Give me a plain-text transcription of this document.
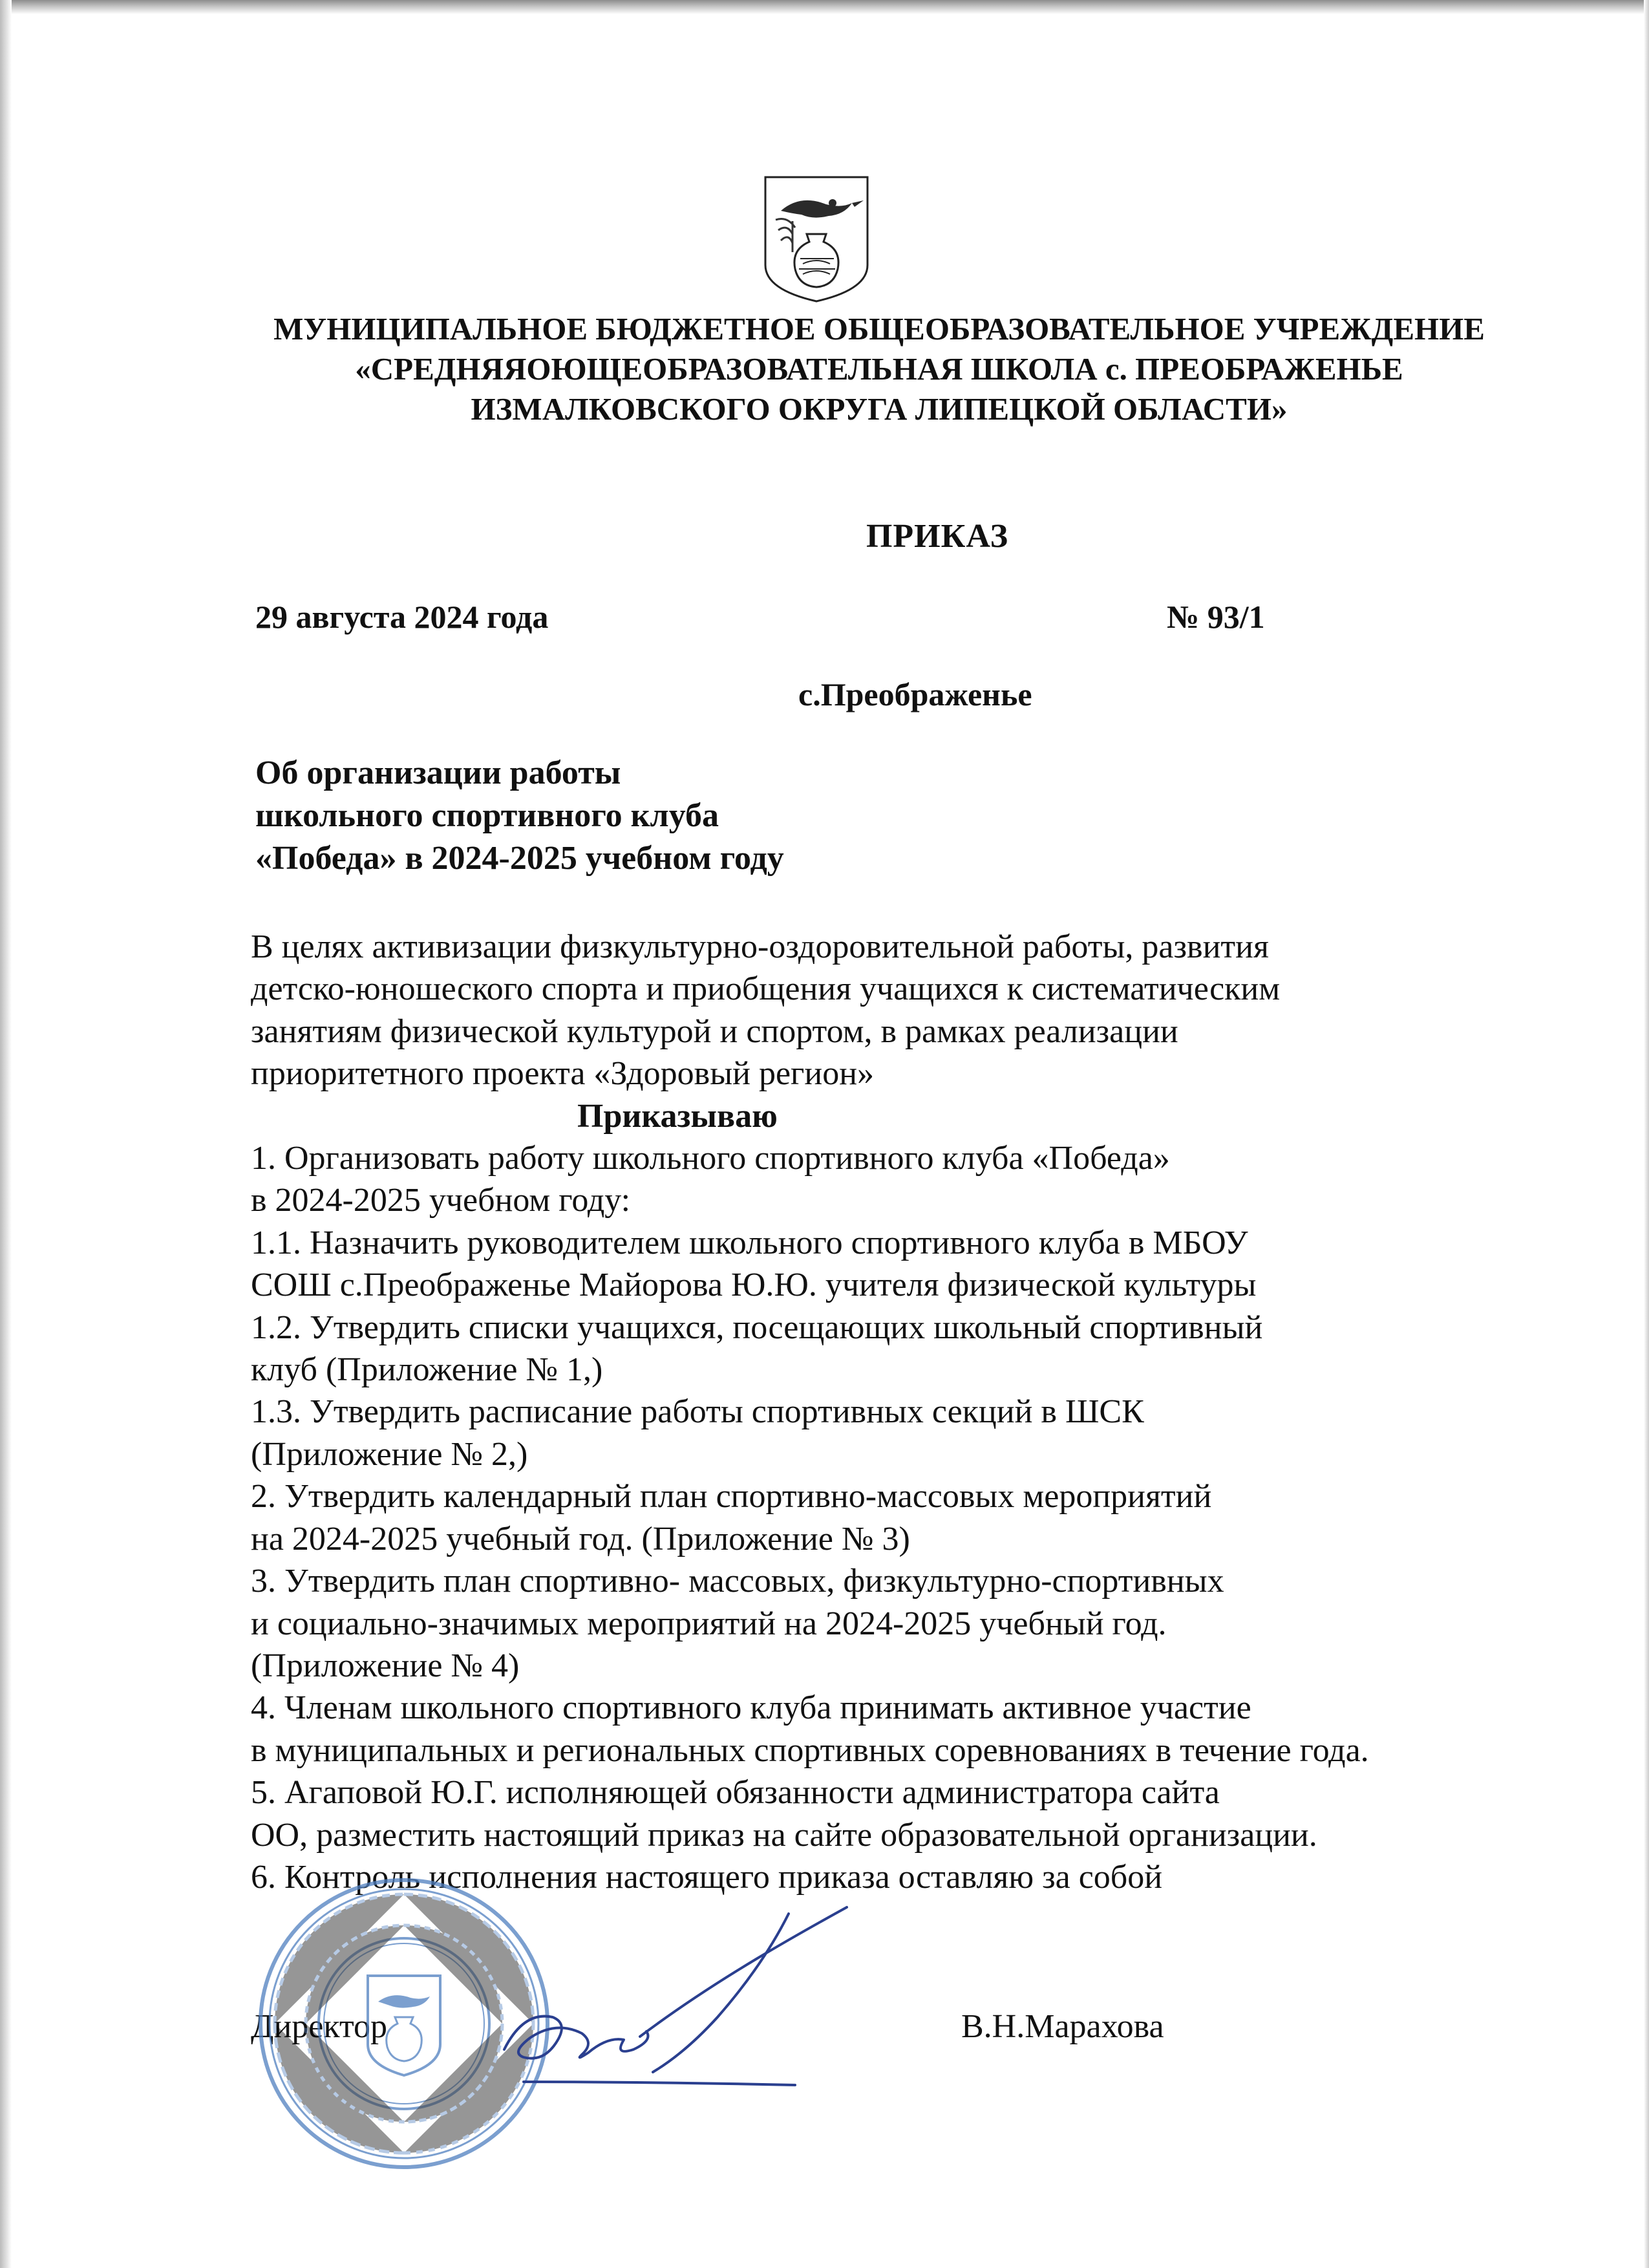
МУНИЦИПАЛЬНОЕ БЮДЖЕТНОЕ ОБЩЕОБРАЗОВАТЕЛЬНОЕ УЧРЕЖДЕНИЕ
«СРЕДНЯЯОЮЩЕОБРАЗОВАТЕЛЬНАЯ ШКОЛА с. ПРЕОБРАЖЕНЬЕ
ИЗМАЛКОВСКОГО ОКРУГА ЛИПЕЦКОЙ ОБЛАСТИ»
ПРИКАЗ
29 августа 2024 года	№ 93/1
с.Преображенье
Об организации работы
школьного спортивного клуба
«Победа» в 2024-2025 учебном году
В целях активизации физкультурно-оздоровительной работы, развития
детско-юношеского спорта и приобщения учащихся к систематическим
занятиям физической культурой и спортом, в рамках реализации
приоритетного проекта «Здоровый регион»
Приказываю
1. Организовать работу школьного спортивного клуба «Победа»
в 2024-2025 учебном году:
1.1. Назначить руководителем школьного спортивного клуба в МБОУ
СОШ с.Преображенье Майорова Ю.Ю. учителя физической культуры
1.2. Утвердить списки учащихся, посещающих школьный спортивный
клуб (Приложение № 1,)
1.3. Утвердить расписание работы спортивных секций в ШСК
(Приложение № 2,)
2. Утвердить календарный план спортивно-массовых мероприятий
на 2024-2025 учебный год. (Приложение № 3)
3. Утвердить план спортивно- массовых, физкультурно-спортивных
и социально-значимых мероприятий на 2024-2025 учебный год.
(Приложение № 4)
4. Членам школьного спортивного клуба принимать активное участие
в муниципальных и региональных спортивных соревнованиях в течение года.
5. Агаповой Ю.Г. исполняющей обязанности администратора сайта
ОО, разместить настоящий приказ на сайте образовательной организации.
6. Контроль исполнения настоящего приказа оставляю за собой
Директор	В.Н.Марахова
